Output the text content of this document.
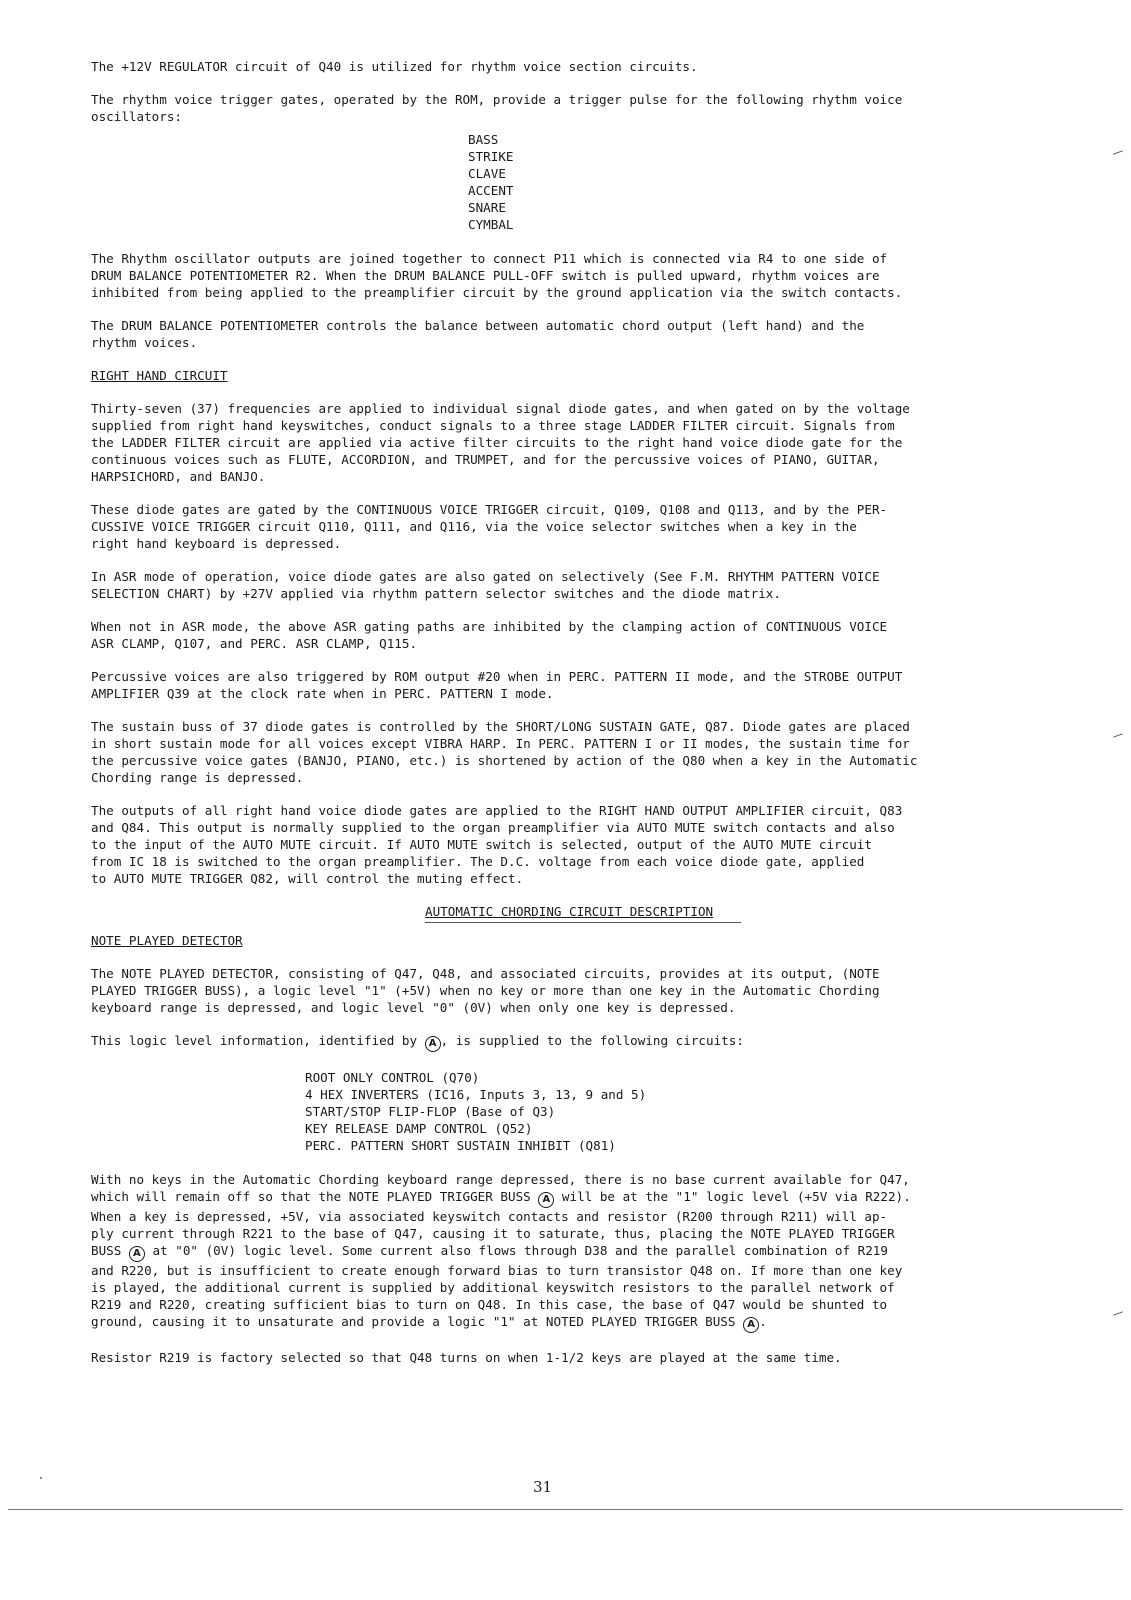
The +12V REGULATOR circuit of Q40 is utilized for rhythm voice section circuits.

The rhythm voice trigger gates, operated by the ROM, provide a trigger pulse for the following rhythm voice
oscillators:

BASS
STRIKE
CLAVE
ACCENT
SNARE
CYMBAL

The Rhythm oscillator outputs are joined together to connect P11 which is connected via R4 to one side of
DRUM BALANCE POTENTIOMETER R2. When the DRUM BALANCE PULL-OFF switch is pulled upward, rhythm voices are
inhibited from being applied to the preamplifier circuit by the ground application via the switch contacts.

The DRUM BALANCE POTENTIOMETER controls the balance between automatic chord output (left hand) and the
rhythm voices.

RIGHT HAND CIRCUIT

Thirty-seven (37) frequencies are applied to individual signal diode gates, and when gated on by the voltage
supplied from right hand keyswitches, conduct signals to a three stage LADDER FILTER circuit. Signals from
the LADDER FILTER circuit are applied via active filter circuits to the right hand voice diode gate for the
continuous voices such as FLUTE, ACCORDION, and TRUMPET, and for the percussive voices of PIANO, GUITAR,
HARPSICHORD, and BANJO.

These diode gates are gated by the CONTINUOUS VOICE TRIGGER circuit, Q109, Q108 and Q113, and by the PER-
CUSSIVE VOICE TRIGGER circuit Q110, Q111, and Q116, via the voice selector switches when a key in the
right hand keyboard is depressed.

In ASR mode of operation, voice diode gates are also gated on selectively (See F.M. RHYTHM PATTERN VOICE
SELECTION CHART) by +27V applied via rhythm pattern selector switches and the diode matrix.

When not in ASR mode, the above ASR gating paths are inhibited by the clamping action of CONTINUOUS VOICE
ASR CLAMP, Q107, and PERC. ASR CLAMP, Q115.

Percussive voices are also triggered by ROM output #20 when in PERC. PATTERN II mode, and the STROBE OUTPUT
AMPLIFIER Q39 at the clock rate when in PERC. PATTERN I mode.

The sustain buss of 37 diode gates is controlled by the SHORT/LONG SUSTAIN GATE, Q87. Diode gates are placed
in short sustain mode for all voices except VIBRA HARP. In PERC. PATTERN I or II modes, the sustain time for
the percussive voice gates (BANJO, PIANO, etc.) is shortened by action of the Q80 when a key in the Automatic
Chording range is depressed.

The outputs of all right hand voice diode gates are applied to the RIGHT HAND OUTPUT AMPLIFIER circuit, Q83
and Q84. This output is normally supplied to the organ preamplifier via AUTO MUTE switch contacts and also
to the input of the AUTO MUTE circuit. If AUTO MUTE switch is selected, output of the AUTO MUTE circuit
from IC 18 is switched to the organ preamplifier. The D.C. voltage from each voice diode gate, applied
to AUTO MUTE TRIGGER Q82, will control the muting effect.

AUTOMATIC CHORDING CIRCUIT DESCRIPTION
NOTE PLAYED DETECTOR

The NOTE PLAYED DETECTOR, consisting of Q47, Q48, and associated circuits, provides at its output, (NOTE
PLAYED TRIGGER BUSS), a logic level "1" (+5V) when no key or more than one key in the Automatic Chording
keyboard range is depressed, and logic level "0" (0V) when only one key is depressed.

This logic level information, identified by A , is supplied to the following circuits:

ROOT ONLY CONTROL (Q70)
4 HEX INVERTERS (IC16, Inputs 3, 13, 9 and 5)
START/STOP FLIP-FLOP (Base of Q3)
KEY RELEASE DAMP CONTROL (Q52)
PERC. PATTERN SHORT SUSTAIN INHIBIT (Q81)

With no keys in the Automatic Chording keyboard range depressed, there is no base current available for Q47,
which will remain off so that the NOTE PLAYED TRIGGER BUSS A will be at the "1" logic level (+5V via R222).
When a key is depressed, +5V, via associated keyswitch contacts and resistor (R200 through R211) will ap-
ply current through R221 to the base of Q47, causing it to saturate, thus, placing the NOTE PLAYED TRIGGER
BUSS A at "0" (0V) logic level. Some current also flows through D38 and the parallel combination of R219
and R220, but is insufficient to create enough forward bias to turn transistor Q48 on. If more than one key
is played, the additional current is supplied by additional keyswitch resistors to the parallel network of
R219 and R220, creating sufficient bias to turn on Q48. In this case, the base of Q47 would be shunted to
ground, causing it to unsaturate and provide a logic "1" at NOTED PLAYED TRIGGER BUSS A .

Resistor R219 is factory selected so that Q48 turns on when 1-1/2 keys are played at the same time.

31
